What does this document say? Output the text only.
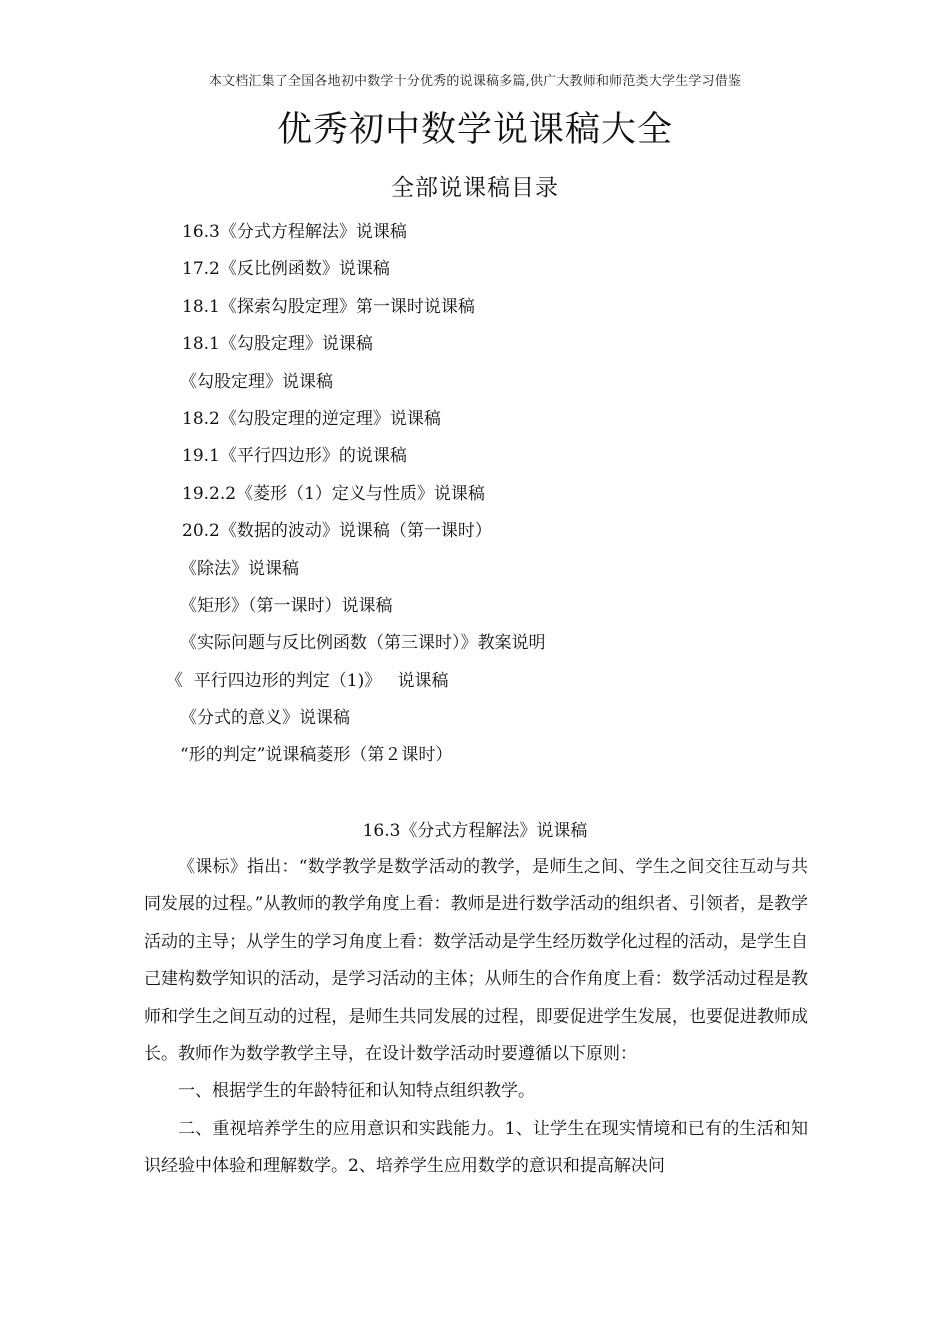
本文档汇集了全国各地初中数学十分优秀的说课稿多篇,供广大教师和师范类大学生学习借鉴
优秀初中数学说课稿大全
全部说课稿目录
16.3《分式方程解法》说课稿
17.2《反比例函数》说课稿
18.1《探索勾股定理》第一课时说课稿
18.1《勾股定理》说课稿
《勾股定理》说课稿
18.2《勾股定理的逆定理》说课稿
19.1《平行四边形》的说课稿
19.2.2《菱形（1）定义与性质》说课稿
20.2《数据的波动》说课稿（第一课时）
《除法》说课稿
《矩形》（第一课时）说课稿
《实际问题与反比例函数（第三课时）》教案说明
《  平行四边形的判定（1)》   说课稿
《分式的意义》说课稿
“形的判定”说课稿菱形（第２课时）
16.3《分式方程解法》说课稿

《课标》指出：“数学教学是数学活动的教学，是师生之间、学生之间交往互动与共同发展的过程。”从教师的教学角度上看：教师是进行数学活动的组织者、引领者，是教学活动的主导；从学生的学习角度上看：数学活动是学生经历数学化过程的活动，是学生自己建构数学知识的活动，是学习活动的主体；从师生的合作角度上看：数学活动过程是教师和学生之间互动的过程，是师生共同发展的过程，即要促进学生发展，也要促进教师成长。教师作为数学教学主导，在设计数学活动时要遵循以下原则：

一、根据学生的年龄特征和认知特点组织教学。

二、重视培养学生的应用意识和实践能力。1、让学生在现实情境和已有的生活和知识经验中体验和理解数学。2、培养学生应用数学的意识和提高解决问
